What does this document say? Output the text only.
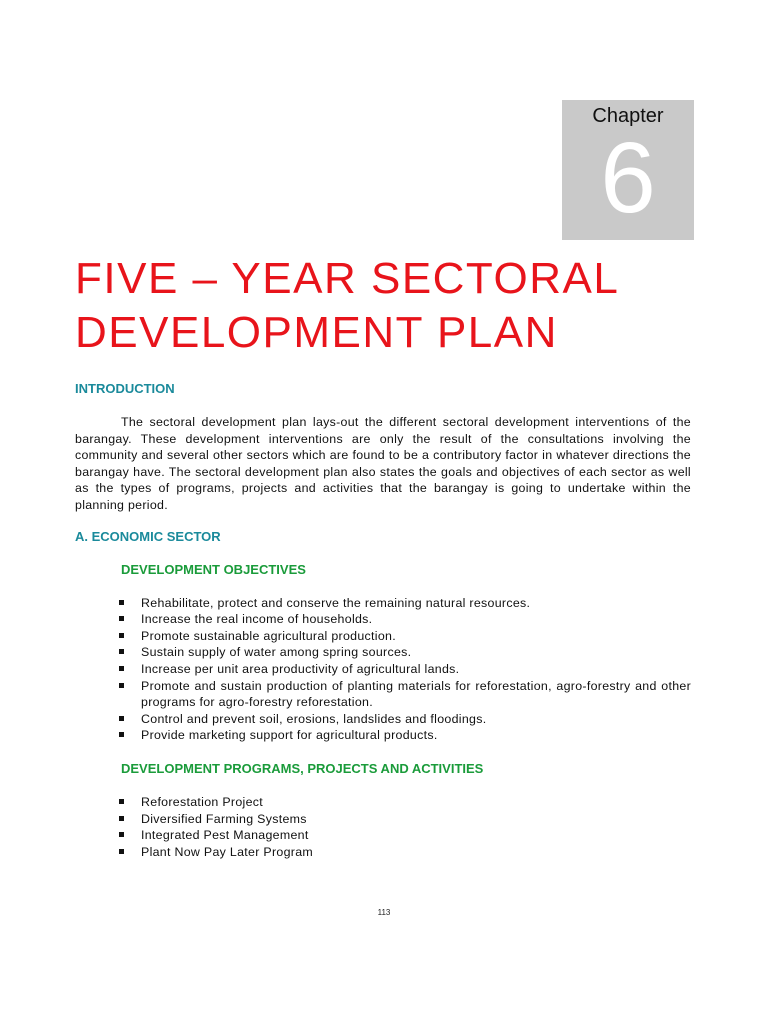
Chapter
6
FIVE – YEAR SECTORAL
DEVELOPMENT PLAN
INTRODUCTION

The sectoral development plan lays-out the different sectoral development interventions of the barangay. These development interventions are only the result of the consultations involving the community and several other sectors which are found to be a contributory factor in whatever directions the barangay have. The sectoral development plan also states the goals and objectives of each sector as well as the types of programs, projects and activities that the barangay is going to undertake within the planning period.

A. ECONOMIC SECTOR
DEVELOPMENT OBJECTIVES
Rehabilitate, protect and conserve the remaining natural resources.
Increase the real income of households.
Promote sustainable agricultural production.
Sustain supply of water among spring sources.
Increase per unit area productivity of agricultural lands.
Promote and sustain production of planting materials for reforestation, agro-forestry and other programs for agro-forestry reforestation.
Control and prevent soil, erosions, landslides and floodings.
Provide marketing support for agricultural products.
DEVELOPMENT PROGRAMS, PROJECTS AND ACTIVITIES
Reforestation Project
Diversified Farming Systems
Integrated Pest Management
Plant Now Pay Later Program
113
